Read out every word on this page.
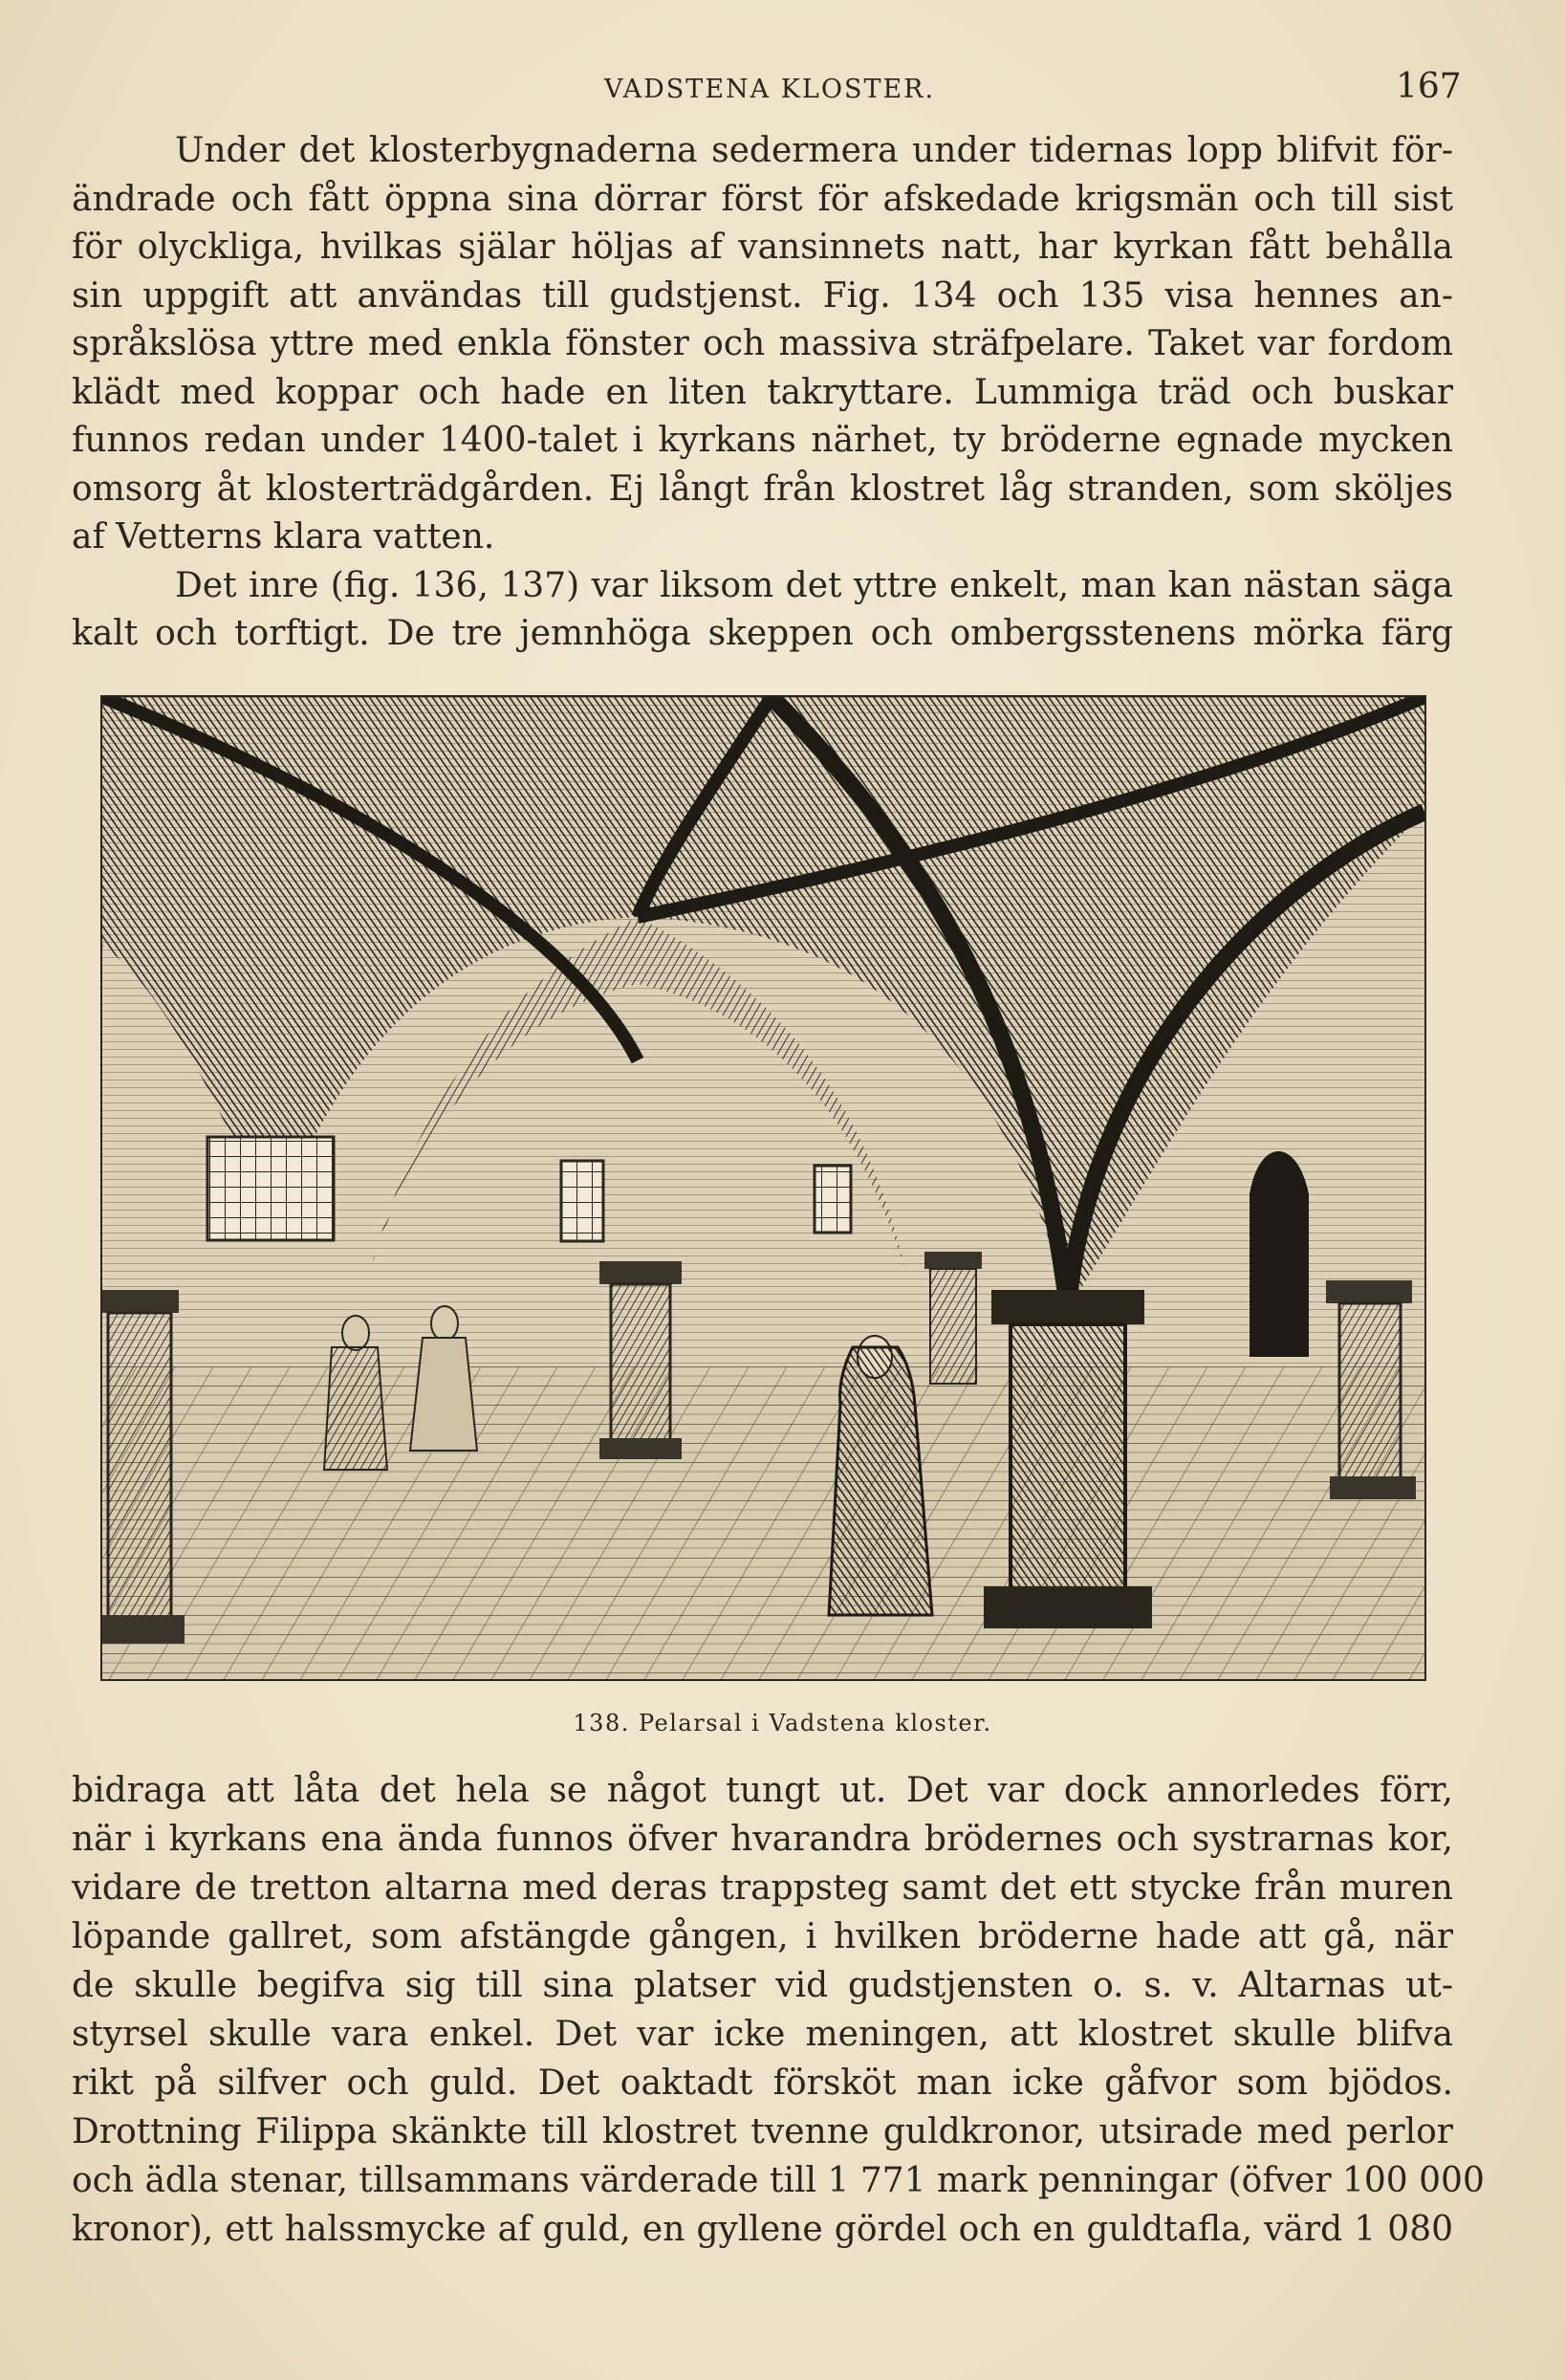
VADSTENA KLOSTER.	167
Under det klosterbygnaderna sedermera under tidernas lopp blifvit för-
ändrade och fått öppna sina dörrar först för afskedade krigsmän och till sist
för olyckliga, hvilkas själar höljas af vansinnets natt, har kyrkan fått behålla
sin uppgift att användas till gudstjenst. Fig. 134 och 135 visa hennes an-
språkslösa yttre med enkla fönster och massiva sträfpelare. Taket var fordom
klädt med koppar och hade en liten takryttare. Lummiga träd och buskar
funnos redan under 1400-talet i kyrkans närhet, ty bröderne egnade mycken
omsorg åt klosterträdgården. Ej långt från klostret låg stranden, som sköljes
af Vetterns klara vatten.
Det inre (fig. 136, 137) var liksom det yttre enkelt, man kan nästan säga
kalt och torftigt. De tre jemnhöga skeppen och ombergsstenens mörka färg
138. Pelarsal i Vadstena kloster.
bidraga att låta det hela se något tungt ut. Det var dock annorledes förr,
när i kyrkans ena ända funnos öfver hvarandra brödernes och systrarnas kor,
vidare de tretton altarna med deras trappsteg samt det ett stycke från muren
löpande gallret, som afstängde gången, i hvilken bröderne hade att gå, när
de skulle begifva sig till sina platser vid gudstjensten o. s. v. Altarnas ut-
styrsel skulle vara enkel. Det var icke meningen, att klostret skulle blifva
rikt på silfver och guld. Det oaktadt försköt man icke gåfvor som bjödos.
Drottning Filippa skänkte till klostret tvenne guldkronor, utsirade med perlor
och ädla stenar, tillsammans värderade till 1 771 mark penningar (öfver 100 000
kronor), ett halssmycke af guld, en gyllene gördel och en guldtafla, värd 1 080
